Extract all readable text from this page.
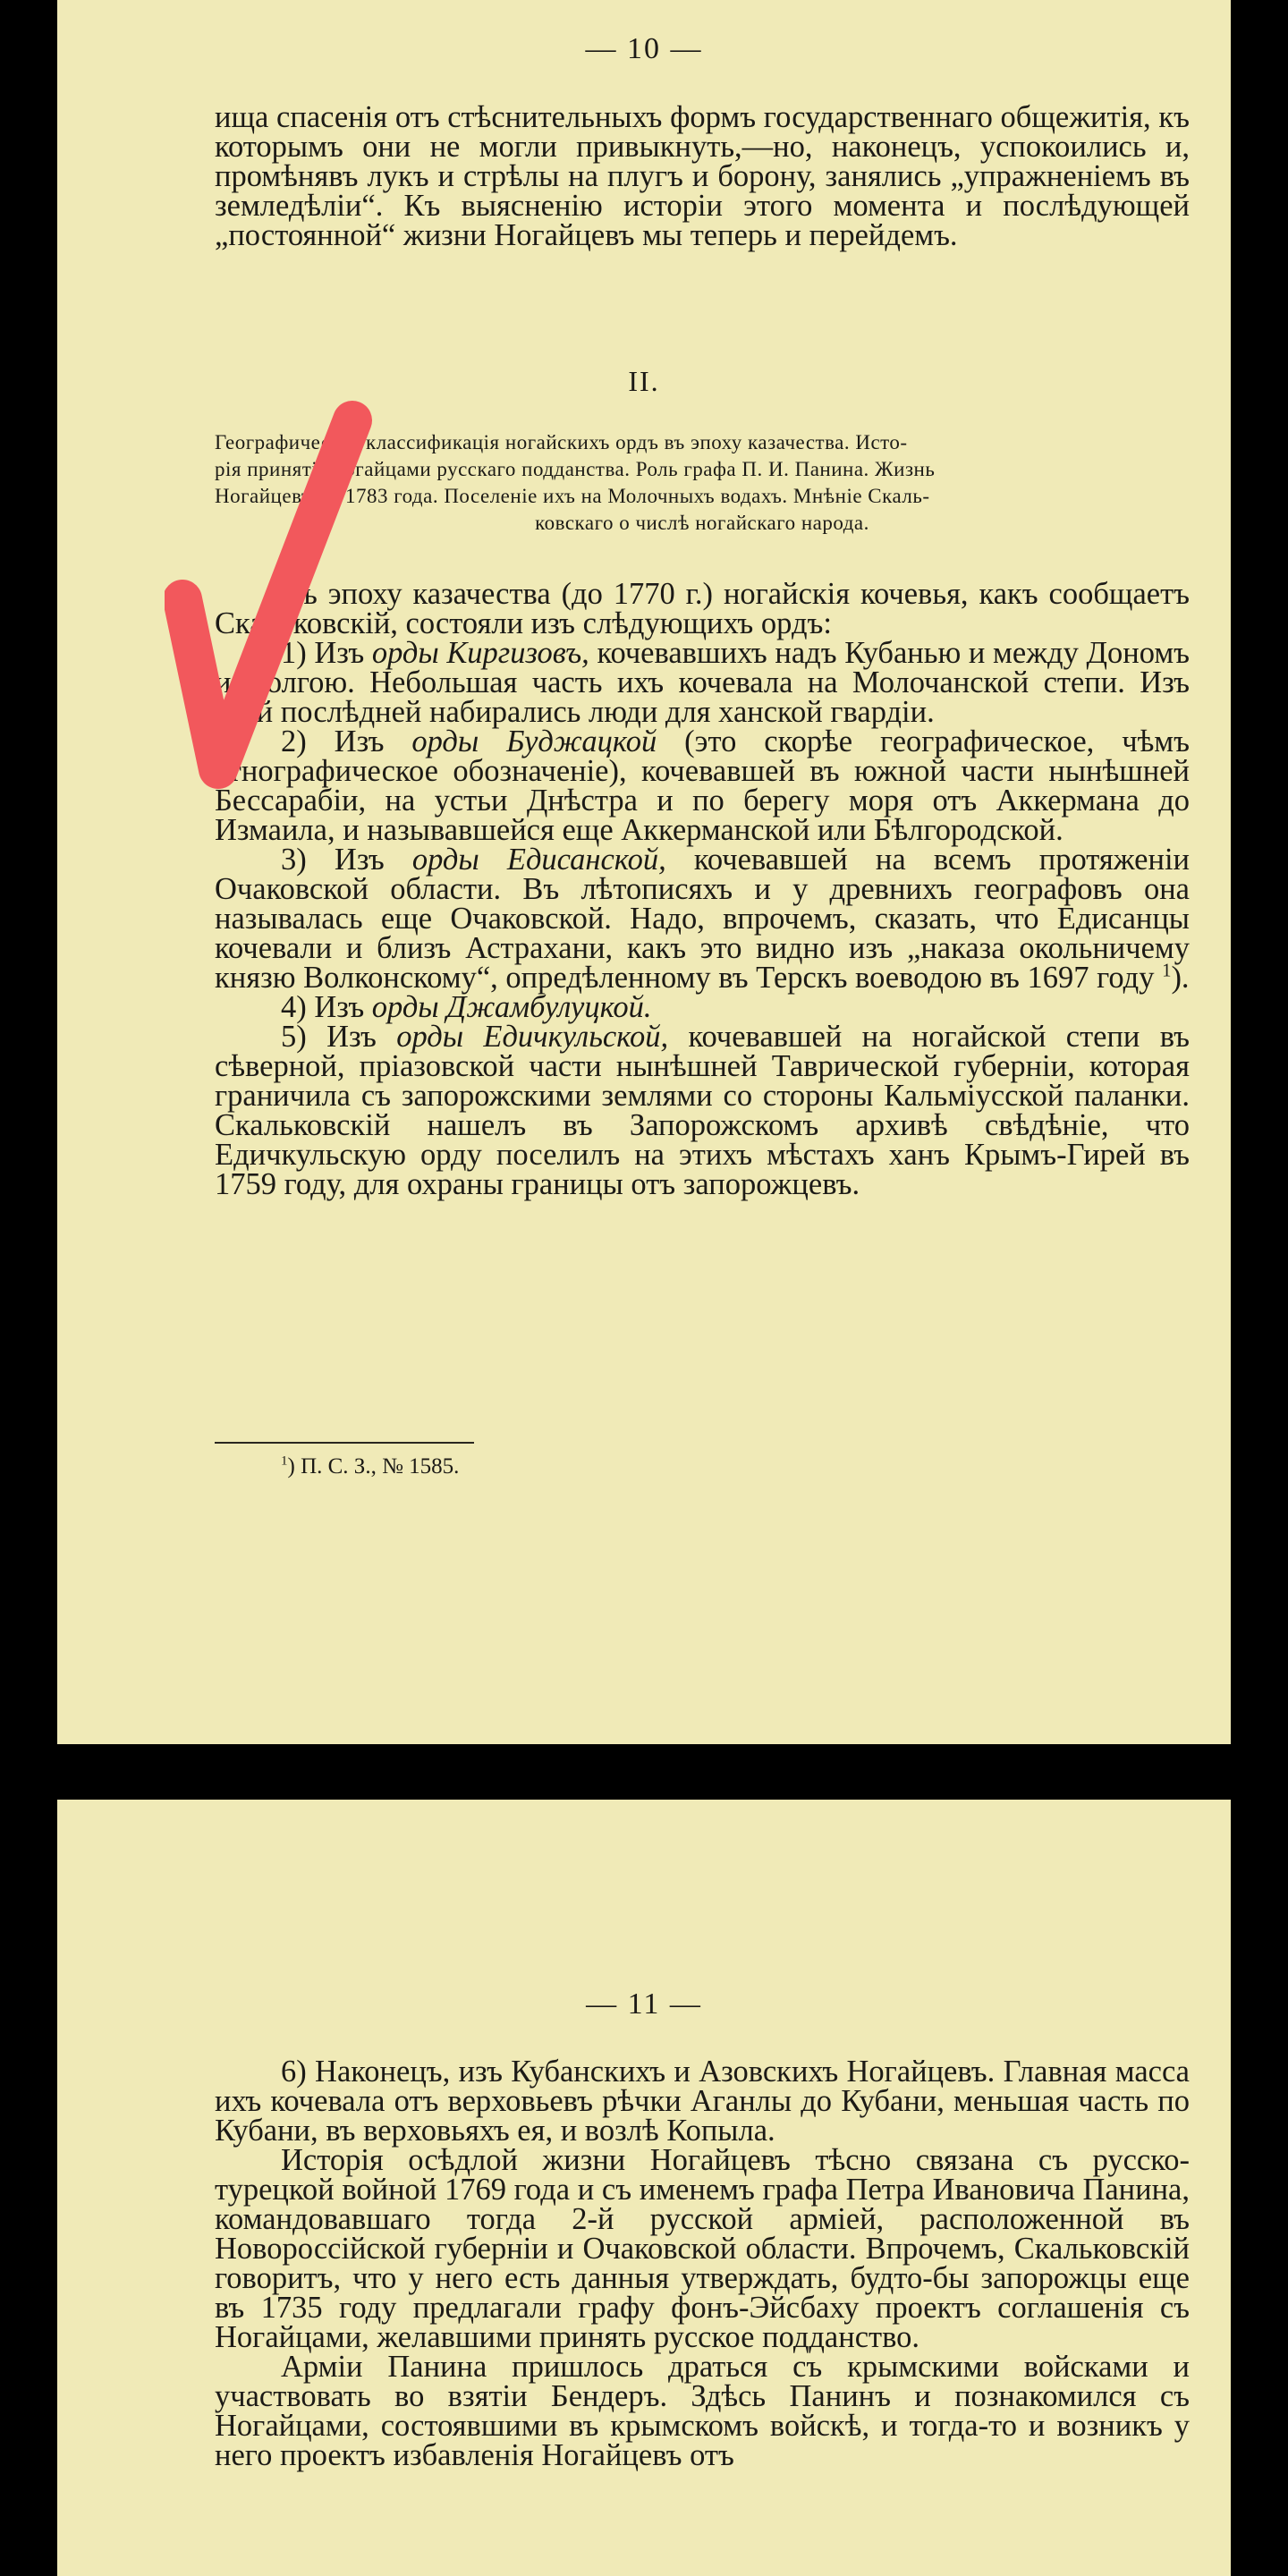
— 10 —

ища спасенія отъ стѣснительныхъ формъ государственнаго общежитія, къ которымъ они не могли привыкнуть,—но, наконецъ, успокоились и, промѣнявъ лукъ и стрѣлы на плугъ и борону, занялись „упражненіемъ въ земледѣліи“. Къ выясненію исторіи этого момента и послѣдующей „постоянной“ жизни Ногайцевъ мы теперь и перейдемъ.

II.
Географическая классификація ногайскихъ ордъ въ эпоху казачества. Исто-
рія принятія ногайцами русскаго подданства. Роль графа П. И. Панина. Жизнь
Ногайцевъ до 1783 года. Поселеніе ихъ на Молочныхъ водахъ. Мнѣніе Скаль-
ковскаго о числѣ ногайскаго народа.

Въ эпоху казачества (до 1770 г.) ногайскія кочевья, какъ сообщаетъ Скальковскій, состояли изъ слѣдующихъ ордъ:

1) Изъ орды Киргизовъ, кочевавшихъ надъ Кубанью и между Дономъ и Волгою. Небольшая часть ихъ кочевала на Молочанской степи. Изъ этой послѣдней набирались люди для ханской гвардіи.

2) Изъ орды Буджацкой (это скорѣе географическое, чѣмъ этнографическое обозначеніе), кочевавшей въ южной части нынѣшней Бессарабіи, на устьи Днѣстра и по берегу моря отъ Аккермана до Измаила, и называвшейся еще Аккерманской или Бѣлгородской.

3) Изъ орды Едисанской, кочевавшей на всемъ протяженіи Очаковской области. Въ лѣтописяхъ и у древнихъ географовъ она называлась еще Очаковской. Надо, впрочемъ, сказать, что Едисанцы кочевали и близъ Астрахани, какъ это видно изъ „наказа окольничему князю Волконскому“, опредѣленному въ Терскъ воеводою въ 1697 году $^1$).

4) Изъ орды Джамбулуцкой.

5) Изъ орды Едичкульской, кочевавшей на ногайской степи въ сѣверной, пріазовской части нынѣшней Таврической губерніи, которая граничила съ запорожскими землями со стороны Кальміусской паланки. Скальковскій нашелъ въ Запорожскомъ архивѣ свѣдѣніе, что Едичкульскую орду поселилъ на этихъ мѣстахъ ханъ Крымъ-Гирей въ 1759 году, для охраны границы отъ запорожцевъ.

$^1$) П. С. З., № 1585.
— 11 —

6) Наконецъ, изъ Кубанскихъ и Азовскихъ Ногайцевъ. Главная масса ихъ кочевала отъ верховьевъ рѣчки Аганлы до Кубани, меньшая часть по Кубани, въ верховьяхъ ея, и возлѣ Копыла.

Исторія осѣдлой жизни Ногайцевъ тѣсно связана съ русско-турецкой войной 1769 года и съ именемъ графа Петра Ивановича Панина, командовавшаго тогда 2-й русской арміей, расположенной въ Новороссійской губерніи и Очаковской области. Впрочемъ, Скальковскій говоритъ, что у него есть данныя утверждать, будто-бы запорожцы еще въ 1735 году предлагали графу фонъ-Эйсбаху проектъ соглашенія съ Ногайцами, желавшими принять русское подданство.

Арміи Панина пришлось драться съ крымскими войсками и участвовать во взятіи Бендеръ. Здѣсь Панинъ и познакомился съ Ногайцами, состоявшими въ крымскомъ войскѣ, и тогда-то и возникъ у него проектъ избавленія Ногайцевъ отъ
